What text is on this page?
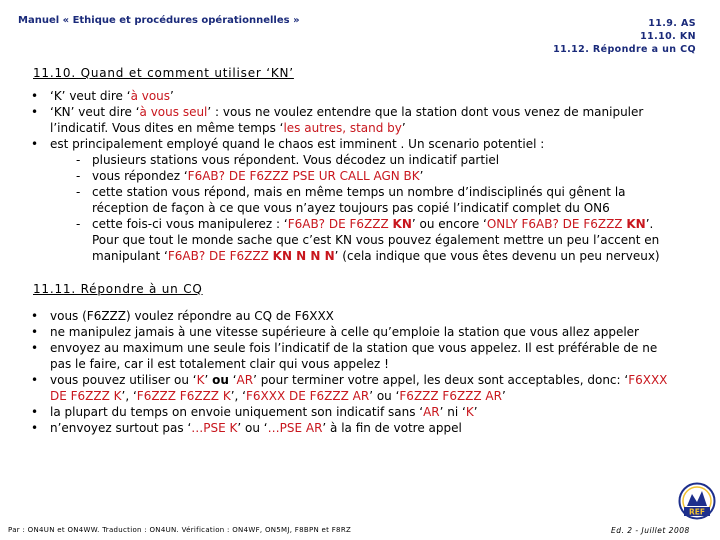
Manuel « Ethique et procédures opérationnelles »	11.9. AS
11.10. KN
11.12. Répondre a un CQ
11.10. Quand et comment utiliser ‘KN’
• ‘K’ veut dire ‘à vous’
• ‘KN’ veut dire ‘à vous seul’ : vous ne voulez entendre que la station dont vous venez de manipuler l’indicatif. Vous dites en même temps ‘les autres, stand by’
• est principalement employé quand le chaos est imminent . Un scenario potentiel :
- plusieurs stations vous répondent. Vous décodez un indicatif partiel
- vous répondez ‘F6AB? DE F6ZZZ PSE UR CALL AGN BK’
- cette station vous répond, mais en même temps un nombre d’indisciplinés qui gênent la réception de façon à ce que vous n’ayez toujours pas copié l’indicatif complet du ON6
- cette fois-ci vous manipulerez : ‘F6AB? DE F6ZZZ KN’ ou encore ‘ONLY F6AB? DE F6ZZZ KN’. Pour que tout le monde sache que c’est KN vous pouvez également mettre un peu l’accent en manipulant ‘F6AB? DE F6ZZZ KN N N N’ (cela indique que vous êtes devenu un peu nerveux)
11.11. Répondre à un CQ
• vous (F6ZZZ) voulez répondre au CQ de F6XXX
• ne manipulez jamais à une vitesse supérieure à celle qu’emploie la station que vous allez appeler
• envoyez au maximum une seule fois l’indicatif de la station que vous appelez. Il est préférable de ne pas le faire, car il est totalement clair qui vous appelez !
• vous pouvez utiliser ou ‘K’ ou ‘AR’ pour terminer votre appel, les deux sont acceptables, donc: ‘F6XXX DE F6ZZZ K’, ‘F6ZZZ F6ZZZ K’, ‘F6XXX DE F6ZZZ AR’ ou ‘F6ZZZ F6ZZZ AR’
• la plupart du temps on envoie uniquement son indicatif sans ‘AR’ ni ‘K’
• n’envoyez surtout pas ‘…PSE K’ ou ‘…PSE AR’ à la fin de votre appel
REF
Par : ON4UN et ON4WW. Traduction : ON4UN. Vérification : ON4WF, ON5MJ, F8BPN et F8RZ	Ed. 2 - Juillet 2008
